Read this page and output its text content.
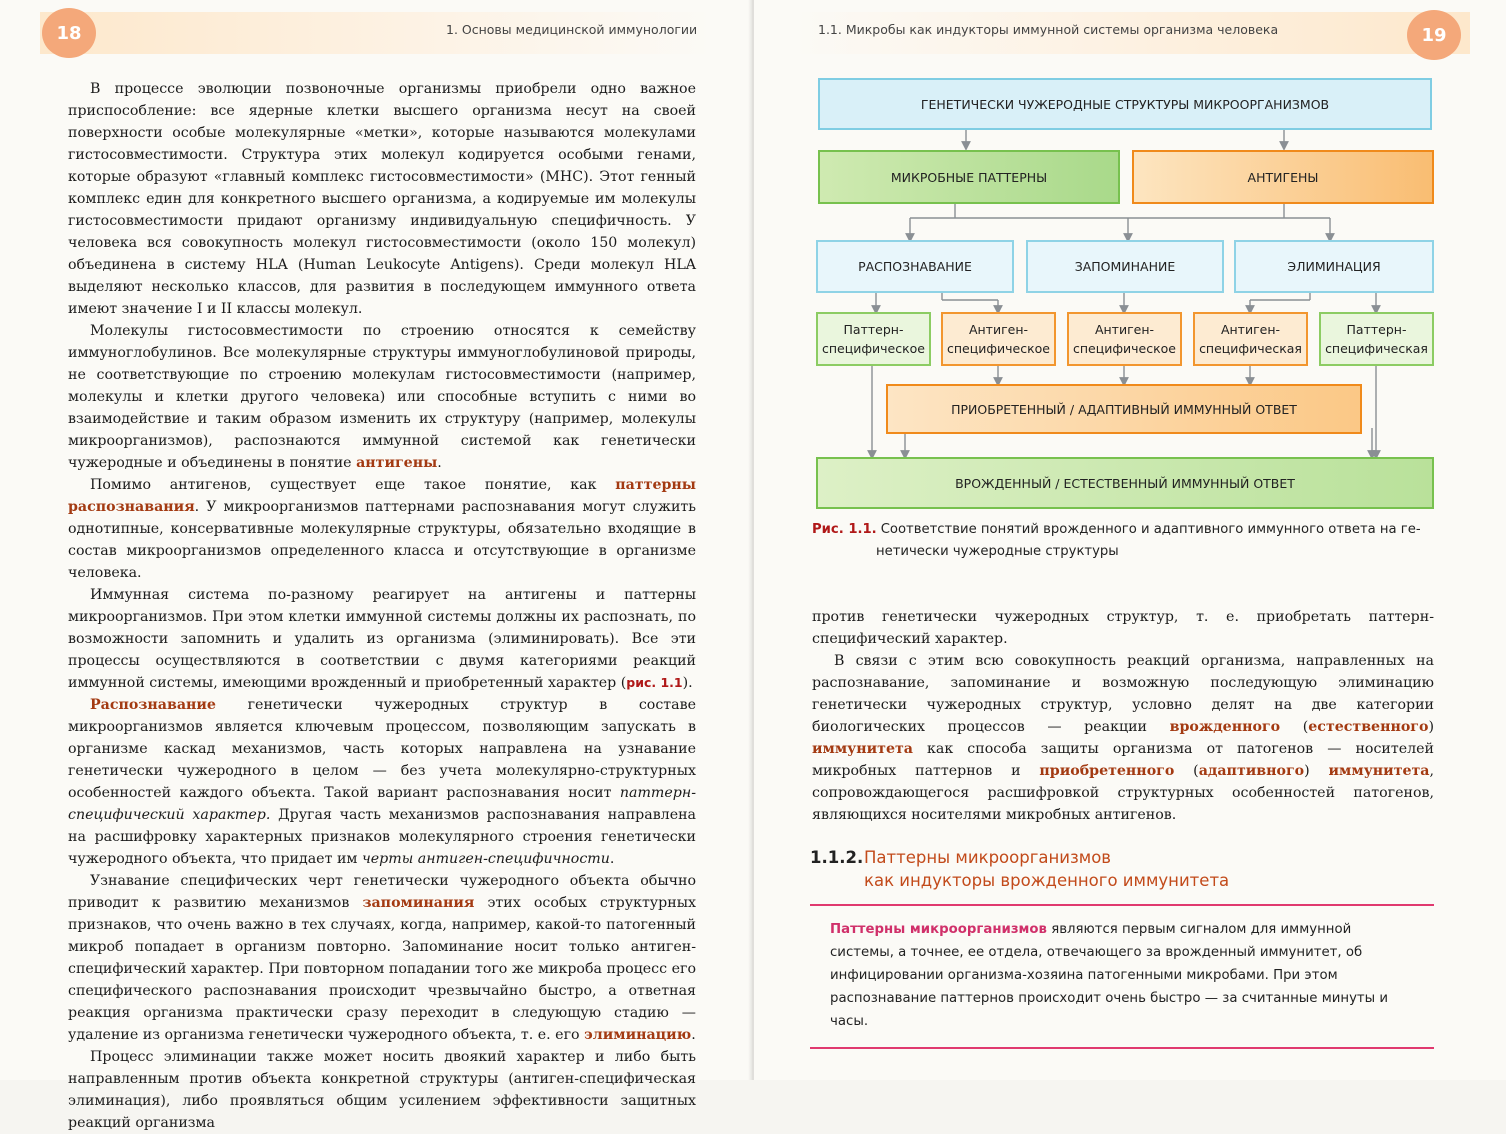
18	1. Основы медицинской иммунологии

В процессе эволюции позвоночные организмы приобрели одно важное приспособление: все ядерные клетки высшего организма несут на своей поверхности особые молекулярные «метки», которые называются молекулами гистосовместимости. Структура этих молекул кодируется особыми генами, которые образуют «главный комплекс гистосовместимости» (MHC). Этот генный комплекс един для конкретного высшего организма, а кодируемые им молекулы гистосовместимости придают организму индивидуальную специфичность. У человека вся совокупность молекул гистосовместимости (около 150 молекул) объединена в систему HLA (Human Leukocyte Antigens). Среди молекул HLA выделяют несколько классов, для развития в последующем иммунного ответа имеют значение I и II классы молекул.

Молекулы гистосовместимости по строению относятся к семейству иммуноглобулинов. Все молекулярные структуры иммуноглобулиновой природы, не соответствующие по строению молекулам гистосовместимости (например, молекулы и клетки другого человека) или способные вступить с ними во взаимодействие и таким образом изменить их структуру (например, молекулы микроорганизмов), распознаются иммунной системой как генетически чужеродные и объединены в понятие антигены.

Помимо антигенов, существует еще такое понятие, как паттерны распознавания. У микроорганизмов паттернами распознавания могут служить однотипные, консервативные молекулярные структуры, обязательно входящие в состав микроорганизмов определенного класса и отсутствующие в организме человека.

Иммунная система по-разному реагирует на антигены и паттерны микроорганизмов. При этом клетки иммунной системы должны их распознать, по возможности запомнить и удалить из организма (элиминировать). Все эти процессы осуществляются в соответствии с двумя категориями реакций иммунной системы, имеющими врожденный и приобретенный характер (рис. 1.1).

Распознавание генетически чужеродных структур в составе микроорганизмов является ключевым процессом, позволяющим запускать в организме каскад механизмов, часть которых направлена на узнавание генетически чужеродного в целом — без учета молекулярно-структурных особенностей каждого объекта. Такой вариант распознавания носит паттерн-специфический характер. Другая часть механизмов распознавания направлена на расшифровку характерных признаков молекулярного строения генетически чужеродного объекта, что придает им черты антиген-специфичности.

Узнавание специфических черт генетически чужеродного объекта обычно приводит к развитию механизмов запоминания этих особых структурных признаков, что очень важно в тех случаях, когда, например, какой-то патогенный микроб попадает в организм повторно. Запоминание носит только антиген-специфический характер. При повторном попадании того же микроба процесс его специфического распознавания происходит чрезвычайно быстро, а ответная реакция организма практически сразу переходит в следующую стадию — удаление из организма генетически чужеродного объекта, т. е. его элиминацию.

Процесс элиминации также может носить двоякий характер и либо быть направленным против объекта конкретной структуры (антиген-специфическая элиминация), либо проявляться общим усилением эффективности защитных реакций организма

1.1. Микробы как индукторы иммунной системы организма человека	19
ГЕНЕТИЧЕСКИ ЧУЖЕРОДНЫЕ СТРУКТУРЫ МИКРООРГАНИЗМОВ
МИКРОБНЫЕ ПАТТЕРНЫ	АНТИГЕНЫ
РАСПОЗНАВАНИЕ	ЗАПОМИНАНИЕ	ЭЛИМИНАЦИЯ
Паттерн-специфическое
Антиген-специфическое
Антиген-специфическое
Антиген-специфическая
Паттерн-специфическая
ПРИОБРЕТЕННЫЙ / АДАПТИВНЫЙ ИММУННЫЙ ОТВЕТ
ВРОЖДЕННЫЙ / ЕСТЕСТВЕННЫЙ ИММУННЫЙ ОТВЕТ
Рис. 1.1. Соответствие понятий врожденного и адаптивного иммунного ответа на ге-
нетически чужеродные структуры

против генетически чужеродных структур, т. е. приобретать паттерн-специфический характер.

В связи с этим всю совокупность реакций организма, направленных на распознавание, запоминание и возможную последующую элиминацию генетически чужеродных структур, условно делят на две категории биологических процессов — реакции врожденного (естественного) иммунитета как способа защиты организма от патогенов — носителей микробных паттернов и приобретенного (адаптивного) иммунитета, сопровождающегося расшифровкой структурных особенностей патогенов, являющихся носителями микробных антигенов.

1.1.2.Паттерны микроорганизмов
как индукторы врожденного иммунитета
Паттерны микроорганизмов являются первым сигналом для иммунной системы, а точнее, ее отдела, отвечающего за врожденный иммунитет, об инфицировании организма-хозяина патогенными микробами. При этом распознавание паттернов происходит очень быстро — за считанные минуты и часы.
